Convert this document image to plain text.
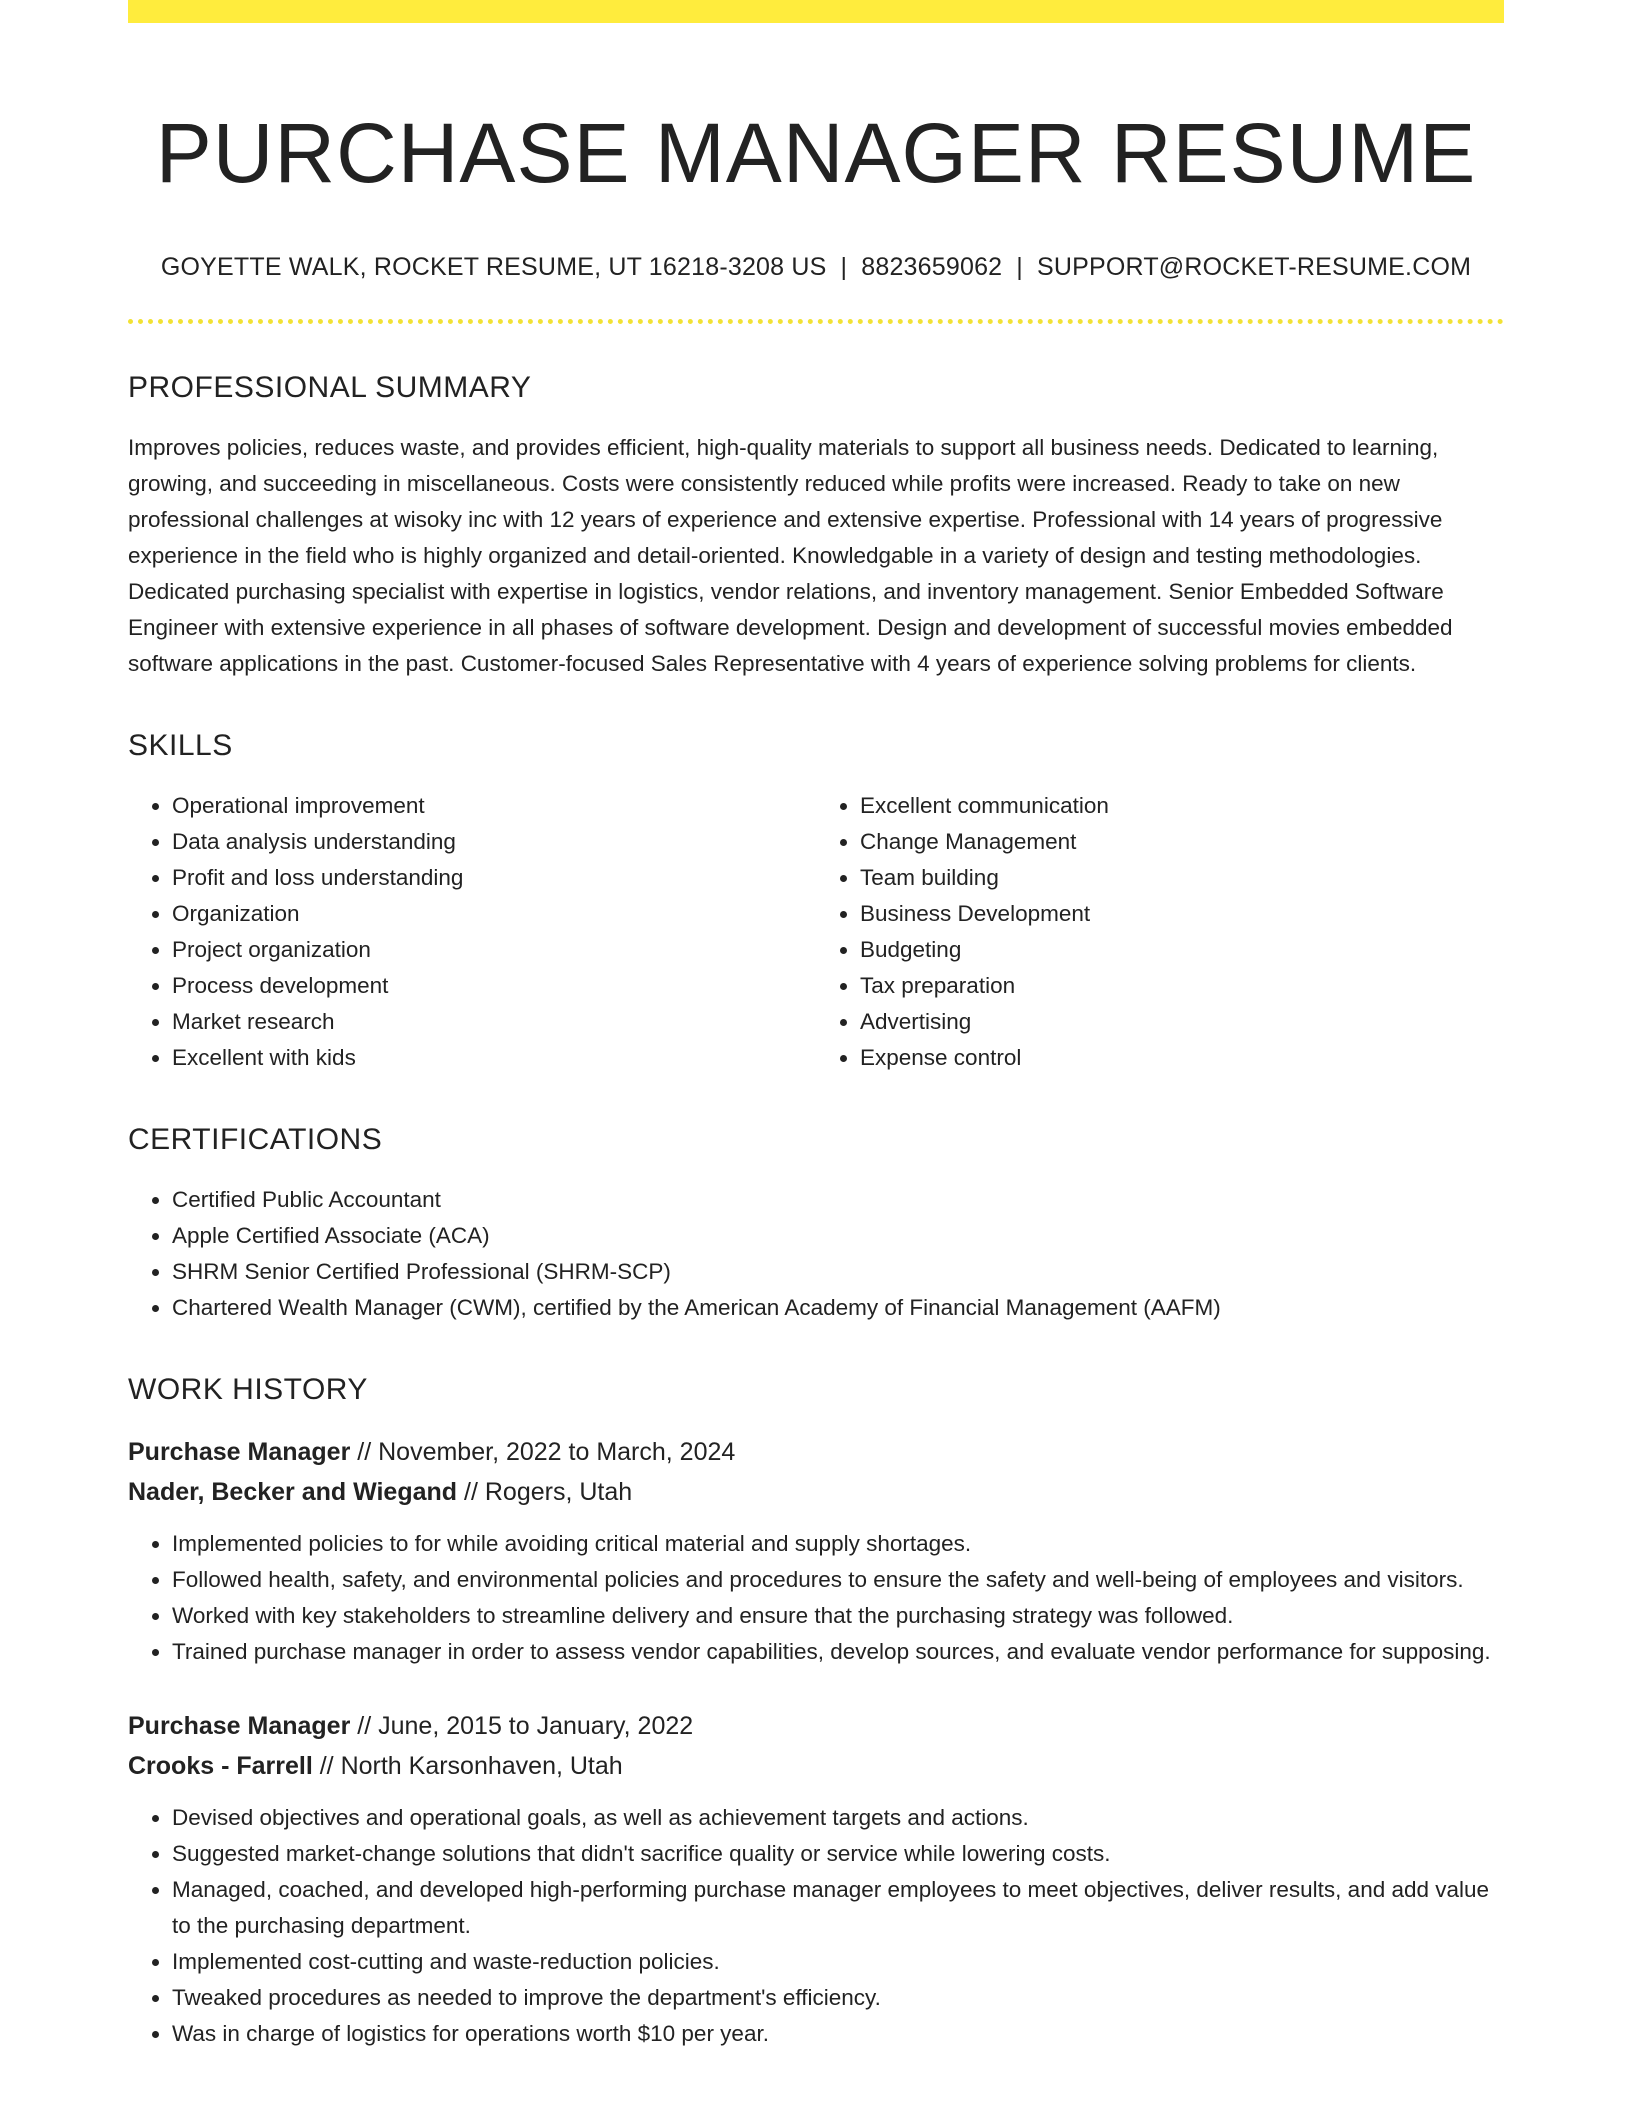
PURCHASE MANAGER RESUME
GOYETTE WALK, ROCKET RESUME, UT 16218-3208 US | 8823659062 | SUPPORT@ROCKET-RESUME.COM
PROFESSIONAL SUMMARY

Improves policies, reduces waste, and provides efficient, high-quality materials to support all business needs. Dedicated to learning, growing, and succeeding in miscellaneous. Costs were consistently reduced while profits were increased. Ready to take on new professional challenges at wisoky inc with 12 years of experience and extensive expertise. Professional with 14 years of progressive experience in the field who is highly organized and detail-oriented. Knowledgable in a variety of design and testing methodologies. Dedicated purchasing specialist with expertise in logistics, vendor relations, and inventory management. Senior Embedded Software Engineer with extensive experience in all phases of software development. Design and development of successful movies embedded software applications in the past. Customer-focused Sales Representative with 4 years of experience solving problems for clients.

SKILLS
• Operational improvement
• Data analysis understanding
• Profit and loss understanding
• Organization
• Project organization
• Process development
• Market research
• Excellent with kids
• Excellent communication
• Change Management
• Team building
• Business Development
• Budgeting
• Tax preparation
• Advertising
• Expense control
CERTIFICATIONS
• Certified Public Accountant
• Apple Certified Associate (ACA)
• SHRM Senior Certified Professional (SHRM-SCP)
• Chartered Wealth Manager (CWM), certified by the American Academy of Financial Management (AAFM)
WORK HISTORY
Purchase Manager // November, 2022 to March, 2024
Nader, Becker and Wiegand // Rogers, Utah
• Implemented policies to for while avoiding critical material and supply shortages.
• Followed health, safety, and environmental policies and procedures to ensure the safety and well-being of employees and visitors.
• Worked with key stakeholders to streamline delivery and ensure that the purchasing strategy was followed.
• Trained purchase manager in order to assess vendor capabilities, develop sources, and evaluate vendor performance for supposing.
Purchase Manager // June, 2015 to January, 2022
Crooks - Farrell // North Karsonhaven, Utah
• Devised objectives and operational goals, as well as achievement targets and actions.
• Suggested market-change solutions that didn't sacrifice quality or service while lowering costs.
• Managed, coached, and developed high-performing purchase manager employees to meet objectives, deliver results, and add value to the purchasing department.
• Implemented cost-cutting and waste-reduction policies.
• Tweaked procedures as needed to improve the department's efficiency.
• Was in charge of logistics for operations worth $10 per year.
